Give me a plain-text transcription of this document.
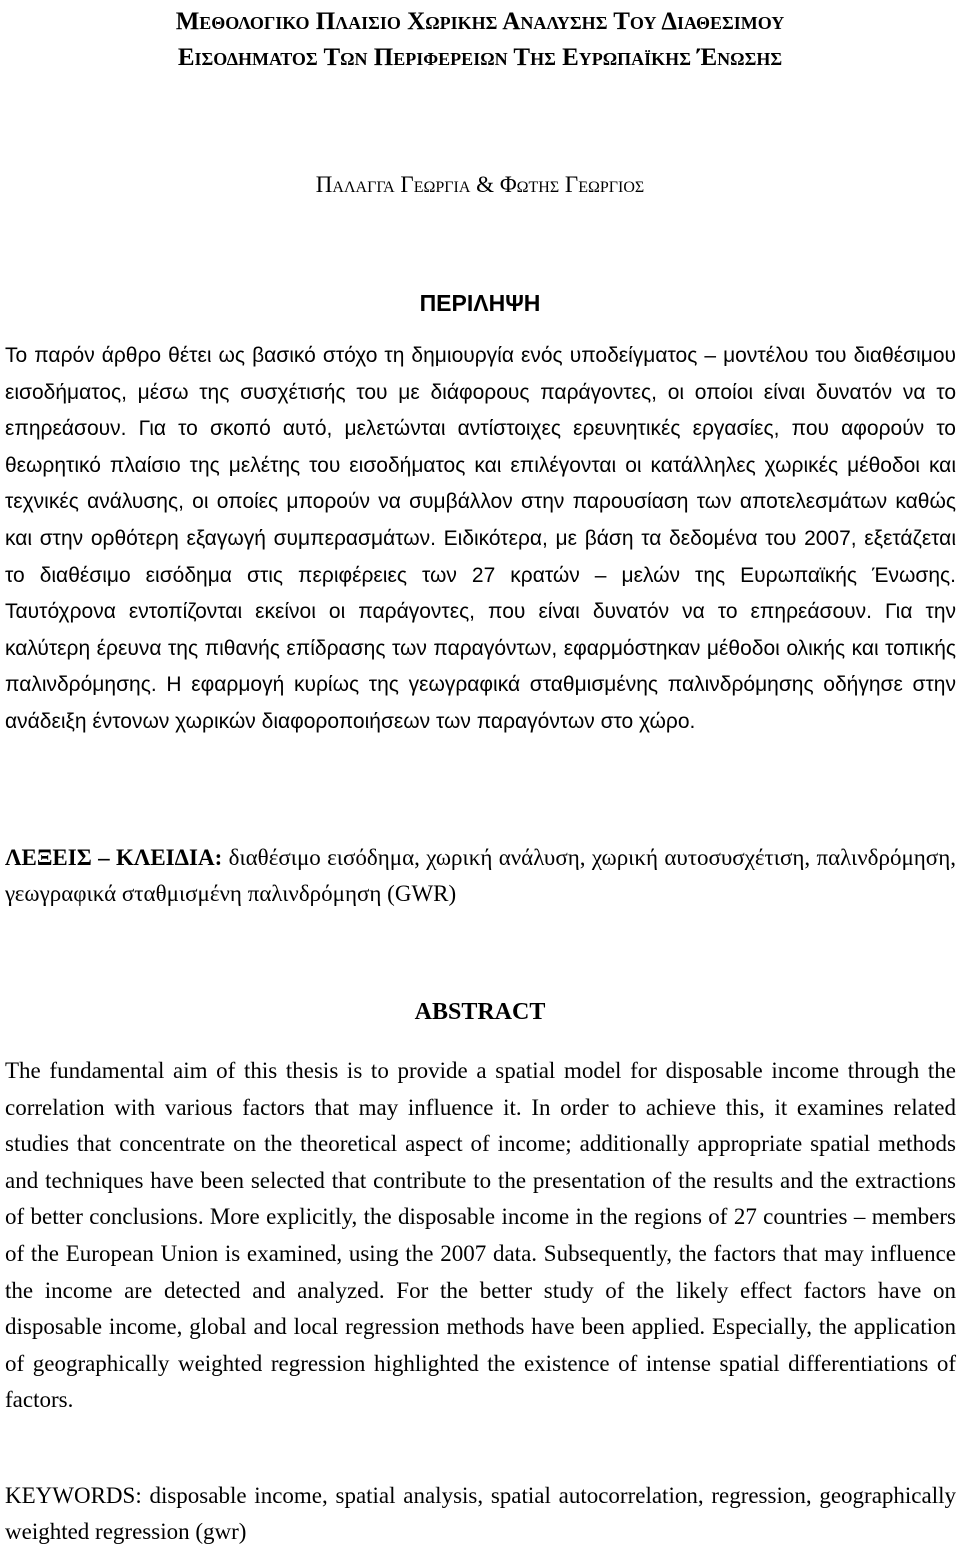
Μεθολογικο Πλαισιο Χωρικης Αναλυσης Του Διαθεσιμου
Εισοδηματος Των Περιφερειων Της Ευρωπαϊκης Ένωσης

Παλαγγα Γεωργια & Φωτης Γεωργιος

ΠΕΡΙΛΗΨΗ

Το παρόν άρθρο θέτει ως βασικό στόχο τη δημιουργία ενός υποδείγματος – μοντέλου του διαθέσιμου εισοδήματος, μέσω της συσχέτισής του με διάφορους παράγοντες, οι οποίοι είναι δυνατόν να το επηρεάσουν. Για το σκοπό αυτό, μελετώνται αντίστοιχες ερευνητικές εργασίες, που αφορούν το θεωρητικό πλαίσιο της μελέτης του εισοδήματος και επιλέγονται οι κατάλληλες χωρικές μέθοδοι και τεχνικές ανάλυσης, οι οποίες μπορούν να συμβάλλον στην παρουσίαση των αποτελεσμάτων καθώς και στην ορθότερη εξαγωγή συμπερασμάτων. Ειδικότερα, με βάση τα δεδομένα του 2007, εξετάζεται το διαθέσιμο εισόδημα στις περιφέρειες των 27 κρατών – μελών της Ευρωπαϊκής Ένωσης. Ταυτόχρονα εντοπίζονται εκείνοι οι παράγοντες, που είναι δυνατόν να το επηρεάσουν. Για την καλύτερη έρευνα της πιθανής επίδρασης των παραγόντων, εφαρμόστηκαν μέθοδοι ολικής και τοπικής παλινδρόμησης. Η εφαρμογή κυρίως της γεωγραφικά σταθμισμένης παλινδρόμησης οδήγησε στην ανάδειξη έντονων χωρικών διαφοροποιήσεων των παραγόντων στο χώρο.

ΛΕΞΕΙΣ – ΚΛΕΙΔΙΑ: διαθέσιμο εισόδημα, χωρική ανάλυση, χωρική αυτοσυσχέτιση, παλινδρόμηση, γεωγραφικά σταθμισμένη παλινδρόμηση (GWR)

ABSTRACT

The fundamental aim of this thesis is to provide a spatial model for disposable income through the correlation with various factors that may influence it. In order to achieve this, it examines related studies that concentrate on the theoretical aspect of income; additionally appropriate spatial methods and techniques have been selected that contribute to the presentation of the results and the extractions of better conclusions. More explicitly, the disposable income in the regions of 27 countries – members of the European Union is examined, using the 2007 data. Subsequently, the factors that may influence the income are detected and analyzed. For the better study of the likely effect factors have on disposable income, global and local regression methods have been applied. Especially, the application of geographically weighted regression highlighted the existence of intense spatial differentiations of factors.

KEYWORDS: disposable income, spatial analysis, spatial autocorrelation, regression, geographically weighted regression (gwr)
